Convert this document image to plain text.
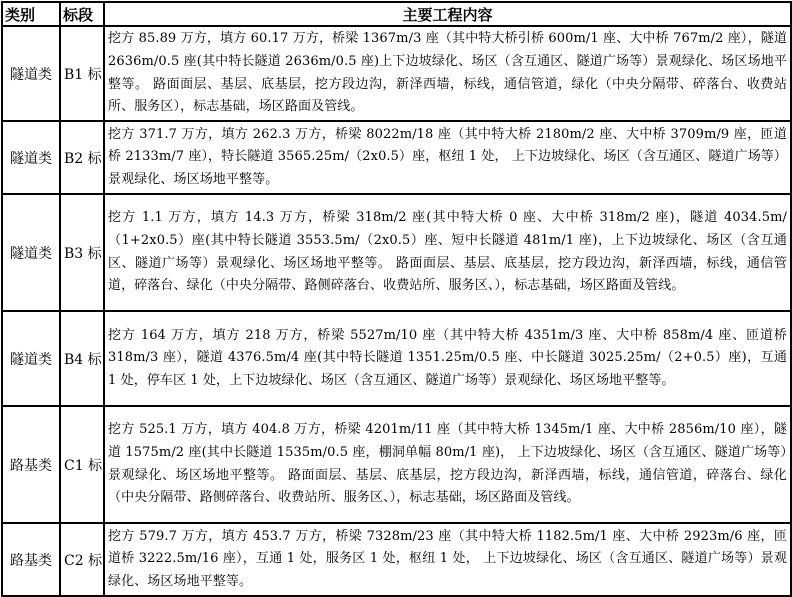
类别	标段	主要工程内容
隧道类	B1 标	挖方 85.89 万方，填方 60.17 万方，桥梁 1367m/3 座（其中特大桥引桥 600m/1 座、大中桥 767m/2 座），隧道 2636m/0.5 座(其中特长隧道 2636m/0.5 座)上下边坡绿化、场区（含互通区、隧道广场等）景观绿化、场区场地平整等。 路面面层、基层、底基层，挖方段边沟，新泽西墙，标线，通信管道，绿化（中央分隔带、碎落台、收费站所、服务区），标志基础，场区路面及管线。
隧道类	B2 标	挖方 371.7 万方，填方 262.3 万方，桥梁 8022m/18 座（其中特大桥 2180m/2 座、大中桥 3709m/9 座，匝道桥 2133m/7 座），特长隧道 3565.25m/（2x0.5）座，枢纽 1 处， 上下边坡绿化、场区（含互通区、隧道广场等）景观绿化、场区场地平整等。
隧道类	B3 标	挖方 1.1 万方，填方 14.3 万方，桥梁 318m/2 座(其中特大桥 0 座、大中桥 318m/2 座)，隧道 4034.5m/（1+2x0.5）座(其中特长隧道 3553.5m/（2x0.5）座、短中长隧道 481m/1 座)，上下边坡绿化、场区（含互通区、隧道广场等）景观绿化、场区场地平整等。 路面面层、基层、底基层，挖方段边沟，新泽西墙，标线，通信管道，碎落台、绿化（中央分隔带、路侧碎落台、收费站所、服务区、），标志基础，场区路面及管线。
隧道类	B4 标	挖方 164 万方，填方 218 万方，桥梁 5527m/10 座（其中特大桥 4351m/3 座、大中桥 858m/4 座、匝道桥 318m/3 座），隧道 4376.5m/4 座(其中特长隧道 1351.25m/0.5 座、中长隧道 3025.25m/（2+0.5）座)，互通 1 处，停车区 1 处，上下边坡绿化、场区（含互通区、隧道广场等）景观绿化、场区场地平整等。
路基类	C1 标	挖方 525.1 万方，填方 404.8 万方，桥梁 4201m/11 座（其中特大桥 1345m/1 座、大中桥 2856m/10 座），隧道 1575m/2 座(其中长隧道 1535m/0.5 座，棚洞单幅 80m/1 座)， 上下边坡绿化、场区（含互通区、隧道广场等）景观绿化、场区场地平整等。 路面面层、基层、底基层，挖方段边沟，新泽西墙，标线，通信管道，碎落台、绿化（中央分隔带、路侧碎落台、收费站所、服务区、），标志基础，场区路面及管线。
路基类	C2 标	挖方 579.7 万方，填方 453.7 万方，桥梁 7328m/23 座（其中特大桥 1182.5m/1 座、大中桥 2923m/6 座，匝道桥 3222.5m/16 座），互通 1 处，服务区 1 处，枢纽 1 处， 上下边坡绿化、场区（含互通区、隧道广场等）景观绿化、场区场地平整等。
